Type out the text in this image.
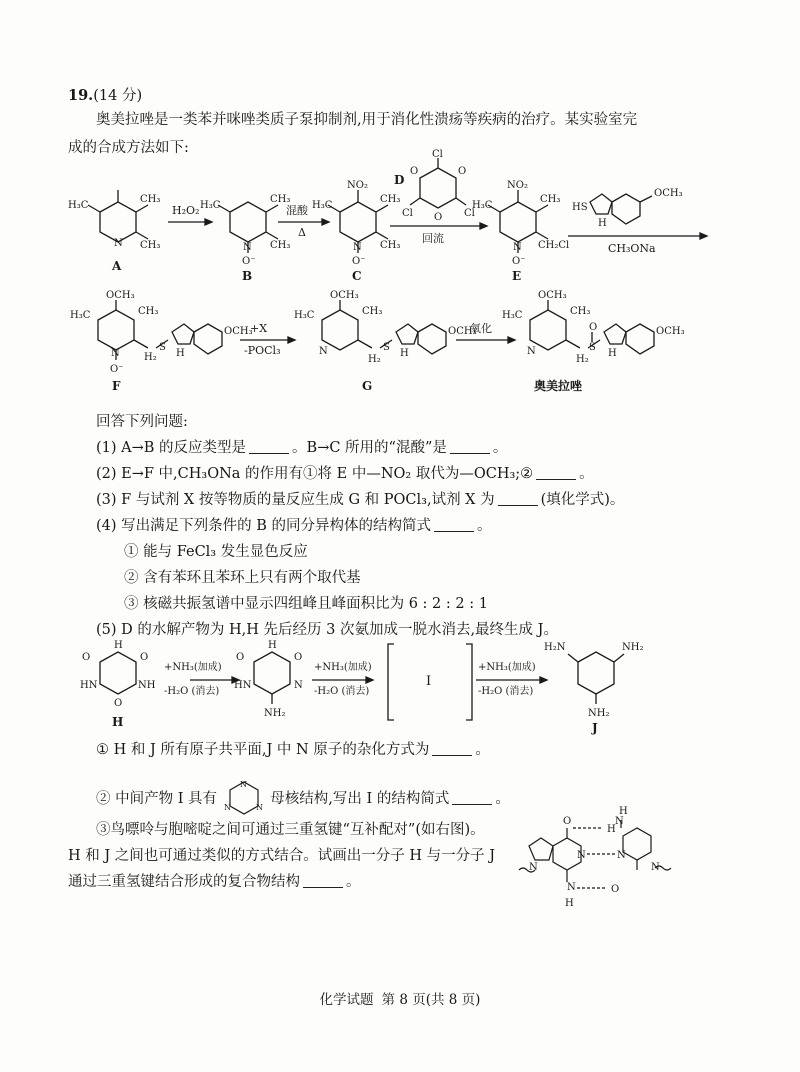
19.(14 分)
奥美拉唑是一类苯并咪唑类质子泵抑制剂,用于消化性溃疡等疾病的治疗。某实验室完
成的合成方法如下:
H₃C
CH₃
CH₃
N
A
H₂O₂ H₃C
CH₃
CH₃
N
O⁻
B
混酸
Δ
NO₂
H₃C
CH₃
CH₃
N
O⁻
C
D
Cl
Cl	Cl
O	O
O
回流
NO₂
H₃C
CH₃
CH₂Cl
N
O⁻
E
HS
OCH₃
H
CH₃ONa
OCH₃
H₃C	CH₃
N
O⁻
H₂
S
OCH₃
H
F
+X
-POCl₃
OCH₃
H₃C	CH₃
N
H₂
S
OCH₃
H
G
氧化
OCH₃
H₃C	CH₃
N
H₂
S
O	OCH₃
H
奥美拉唑
回答下列问题:
(1) A→B 的反应类型是	。B→C 所用的“混酸”是	。
(2) E→F 中,CH₃ONa 的作用有①将 E 中—NO₂ 取代为—OCH₃;②	。
(3) F 与试剂 X 按等物质的量反应生成 G 和 POCl₃,试剂 X 为	(填化学式)。
(4) 写出满足下列条件的 B 的同分异构体的结构简式	。
① 能与 FeCl₃ 发生显色反应
② 含有苯环且苯环上只有两个取代基
③ 核磁共振氢谱中显示四组峰且峰面积比为 6 : 2 : 2 : 1
(5) D 的水解产物为 H,H 先后经历 3 次氨加成一脱水消去,最终生成 J。
O	O
H
HN	NH
O
H
+NH₃(加成)
-H₂O (消去)
O	O
H
HN	N
NH₂
+NH₃(加成)
-H₂O (消去)
I
+NH₃(加成)
-H₂O (消去)
H₂N	NH₂
NH₂
J
① H 和 J 所有原子共平面,J 中 N 原子的杂化方式为	。
② 中间产物 I 具有
N
N	N
母核结构,写出 I 的结构简式	。
③鸟嘌呤与胞嘧啶之间可通过三重氢键“互补配对”(如右图)。
H 和 J 之间也可通过类似的方式结合。试画出一分子 H 与一分子 J
通过三重氢键结合形成的复合物结构	。
O
H
N
H
N	N
N
H
O
N	N
化学试题 第 8 页(共 8 页)
